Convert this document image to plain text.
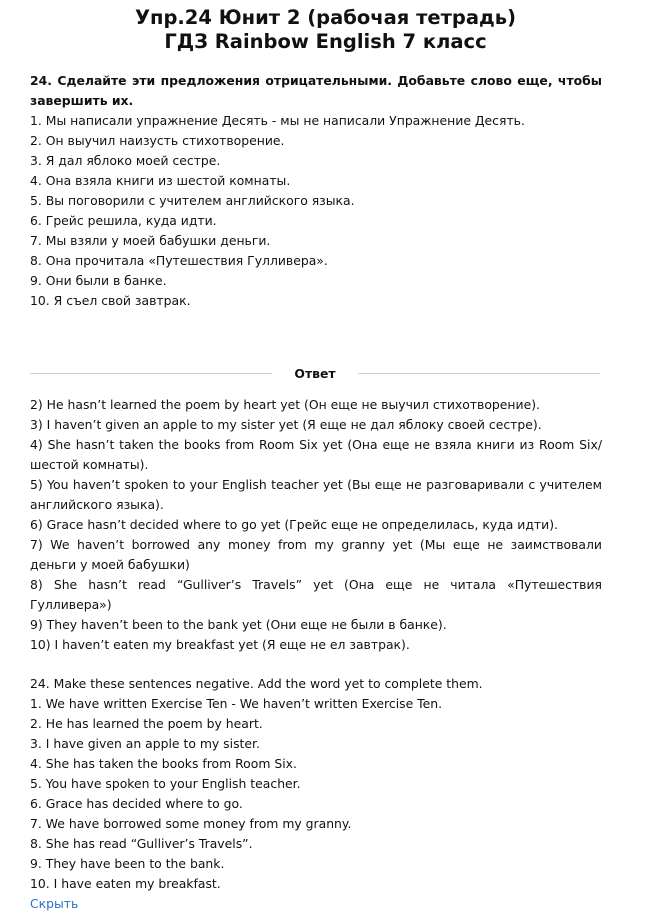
Упр.24 Юнит 2 (рабочая тетрадь)
ГДЗ Rainbow English 7 класс
24. Сделайте эти предложения отрицательными. Добавьте слово еще, чтобы завершить их.
1. Мы написали упражнение Десять - мы не написали Упражнение Десять.
2. Он выучил наизусть стихотворение.
3. Я дал яблоко моей сестре.
4. Она взяла книги из шестой комнаты.
5. Вы поговорили с учителем английского языка.
6. Грейс решила, куда идти.
7. Мы взяли у моей бабушки деньги.
8. Она прочитала «Путешествия Гулливера».
9. Они были в банке.
10. Я съел свой завтрак.
Ответ
2) He hasn’t learned the poem by heart yet (Он еще не выучил стихотворение).
3) I haven’t given an apple to my sister yet (Я еще не дал яблоку своей сестре).
4) She hasn’t taken the books from Room Six yet (Она еще не взяла книги из Room Six/шестой комнаты).
5) You haven’t spoken to your English teacher yet (Вы еще не разговаривали с учителем английского языка).
6) Grace hasn’t decided where to go yet (Грейс еще не определилась, куда идти).
7) We haven’t borrowed any money from my granny yet (Мы еще не заимствовали деньги у моей бабушки)
8) She hasn’t read “Gulliver’s Travels” yet (Она еще не читала «Путешествия Гулливера»)
9) They haven’t been to the bank yet (Они еще не были в банке).
10) I haven’t eaten my breakfast yet (Я еще не ел завтрак).
24. Make these sentences negative. Add the word yet to complete them.
1. We have written Exercise Ten - We haven’t written Exercise Ten.
2. He has learned the poem by heart.
3. I have given an apple to my sister.
4. She has taken the books from Room Six.
5. You have spoken to your English teacher.
6. Grace has decided where to go.
7. We have borrowed some money from my granny.
8. She has read “Gulliver’s Travels”.
9. They have been to the bank.
10. I have eaten my breakfast.
Скрыть
